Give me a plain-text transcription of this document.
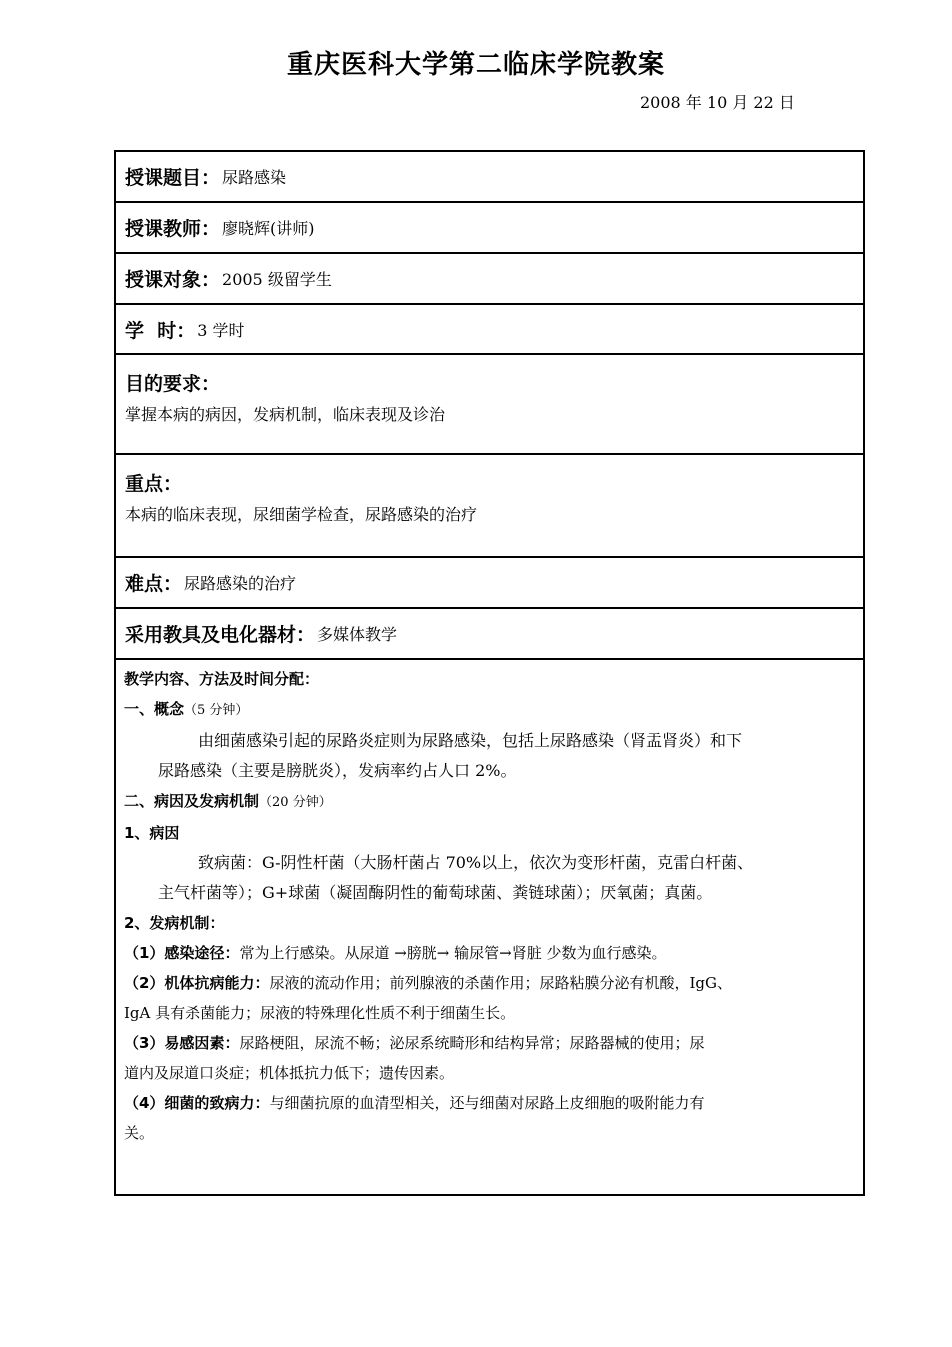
重庆医科大学第二临床学院教案
2008 年 10 月 22 日
授课题目： 尿路感染
授课教师： 廖晓辉(讲师)
授课对象： 2005 级留学生
学  时： 3 学时
目的要求：
掌握本病的病因，发病机制，临床表现及诊治
重点：
本病的临床表现，尿细菌学检查，尿路感染的治疗
难点： 尿路感染的治疗
采用教具及电化器材： 多媒体教学
教学内容、方法及时间分配：
一、概念（5 分钟）
由细菌感染引起的尿路炎症则为尿路感染，包括上尿路感染（肾盂肾炎）和下
尿路感染（主要是膀胱炎），发病率约占人口 2%。
二、病因及发病机制（20 分钟）
1、病因
致病菌：G-阴性杆菌（大肠杆菌占 70%以上，依次为变形杆菌，克雷白杆菌、
主气杆菌等）；G+球菌（凝固酶阴性的葡萄球菌、粪链球菌）；厌氧菌；真菌。
2、发病机制：
（1）感染途径：常为上行感染。从尿道 →膀胱→ 输尿管→肾脏 少数为血行感染。
（2）机体抗病能力：尿液的流动作用；前列腺液的杀菌作用；尿路粘膜分泌有机酸，IgG、
IgA 具有杀菌能力；尿液的特殊理化性质不利于细菌生长。
（3）易感因素：尿路梗阻，尿流不畅；泌尿系统畸形和结构异常；尿路器械的使用；尿
道内及尿道口炎症；机体抵抗力低下；遗传因素。
（4）细菌的致病力：与细菌抗原的血清型相关，还与细菌对尿路上皮细胞的吸附能力有
关。
